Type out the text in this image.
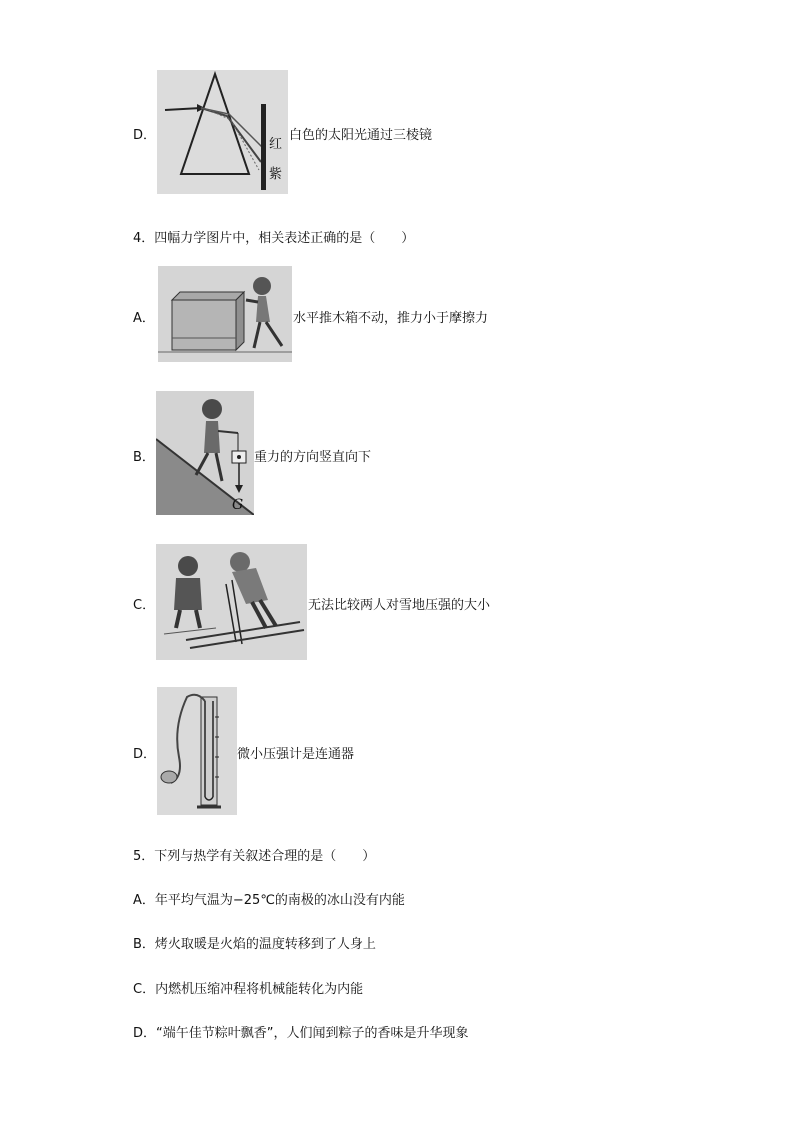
D．
红
紫
白色的太阳光通过三棱镜
4．四幅力学图片中，相关表述正确的是（　　）
A．	水平推木箱不动，推力小于摩擦力
B．
G
重力的方向竖直向下
C．	无法比较两人对雪地压强的大小
D．	微小压强计是连通器
5．下列与热学有关叙述合理的是（　　）
A．年平均气温为−25℃的南极的冰山没有内能
B．烤火取暖是火焰的温度转移到了人身上
C．内燃机压缩冲程将机械能转化为内能
D．“端午佳节粽叶飘香”，人们闻到粽子的香味是升华现象
